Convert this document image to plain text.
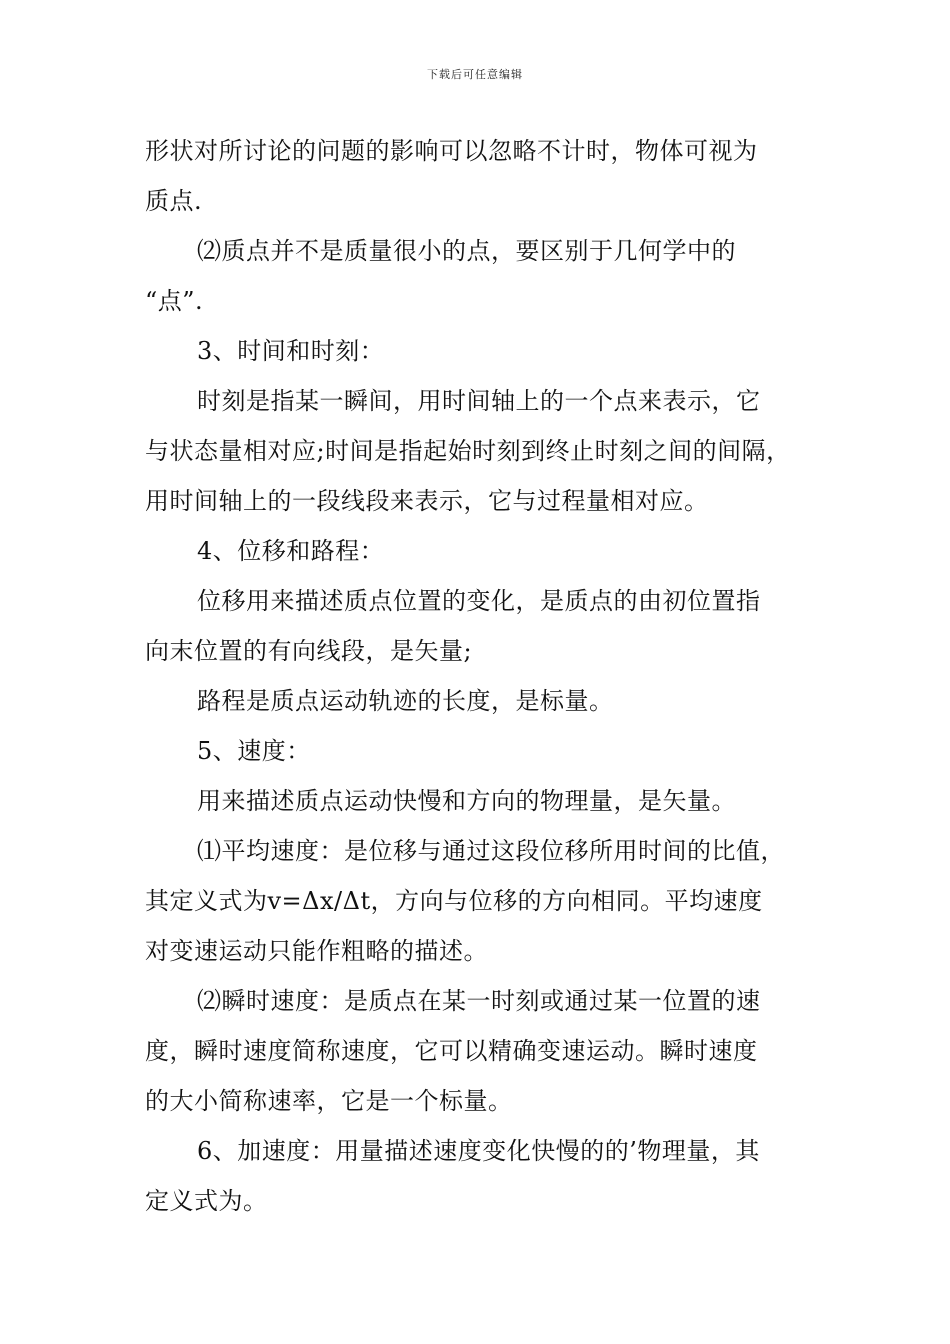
下载后可任意编辑
形状对所讨论的问题的影响可以忽略不计时，物体可视为
质点.
⑵质点并不是质量很小的点，要区别于几何学中的
“点”.
3、时间和时刻：
时刻是指某一瞬间，用时间轴上的一个点来表示，它
与状态量相对应;时间是指起始时刻到终止时刻之间的间隔，
用时间轴上的一段线段来表示，它与过程量相对应。
4、位移和路程：
位移用来描述质点位置的变化，是质点的由初位置指
向末位置的有向线段，是矢量;
路程是质点运动轨迹的长度，是标量。
5、速度：
用来描述质点运动快慢和方向的物理量，是矢量。
⑴平均速度：是位移与通过这段位移所用时间的比值，
其定义式为v=Δx/Δt，方向与位移的方向相同。平均速度
对变速运动只能作粗略的描述。
⑵瞬时速度：是质点在某一时刻或通过某一位置的速
度，瞬时速度简称速度，它可以精确变速运动。瞬时速度
的大小简称速率，它是一个标量。
6、加速度：用量描述速度变化快慢的的’物理量，其
定义式为。
